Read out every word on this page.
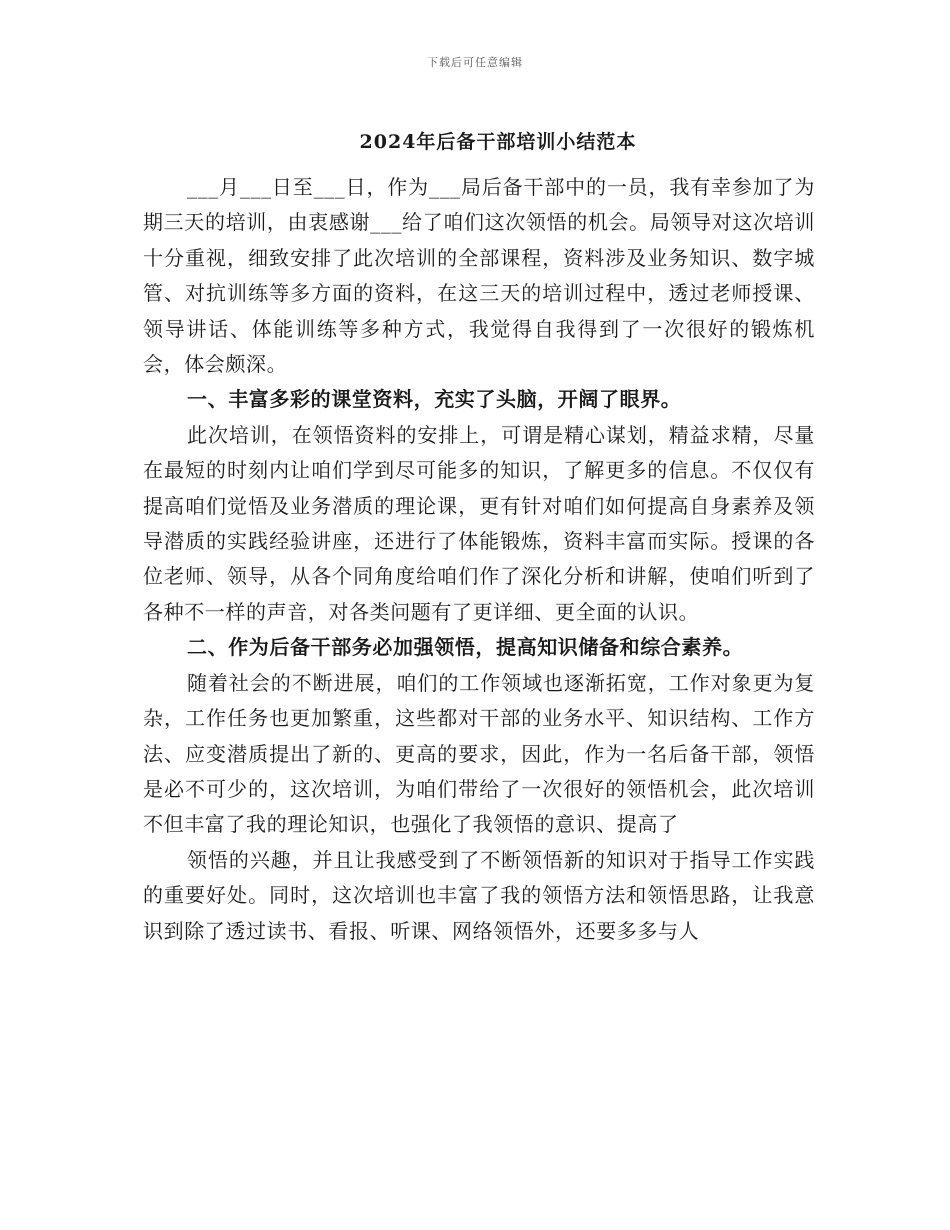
下载后可任意编辑
2024年后备干部培训小结范本

___月___日至___日，作为___局后备干部中的一员，我有幸参加了为期三天的培训，由衷感谢___给了咱们这次领悟的机会。局领导对这次培训十分重视，细致安排了此次培训的全部课程，资料涉及业务知识、数字城管、对抗训练等多方面的资料，在这三天的培训过程中，透过老师授课、领导讲话、体能训练等多种方式，我觉得自我得到了一次很好的锻炼机会，体会颇深。

一、丰富多彩的课堂资料，充实了头脑，开阔了眼界。

此次培训，在领悟资料的安排上，可谓是精心谋划，精益求精，尽量在最短的时刻内让咱们学到尽可能多的知识，了解更多的信息。不仅仅有提高咱们觉悟及业务潜质的理论课，更有针对咱们如何提高自身素养及领导潜质的实践经验讲座，还进行了体能锻炼，资料丰富而实际。授课的各位老师、领导，从各个同角度给咱们作了深化分析和讲解，使咱们听到了各种不一样的声音，对各类问题有了更详细、更全面的认识。

二、作为后备干部务必加强领悟，提高知识储备和综合素养。

随着社会的不断进展，咱们的工作领域也逐渐拓宽，工作对象更为复杂，工作任务也更加繁重，这些都对干部的业务水平、知识结构、工作方法、应变潜质提出了新的、更高的要求，因此，作为一名后备干部，领悟是必不可少的，这次培训，为咱们带给了一次很好的领悟机会，此次培训不但丰富了我的理论知识，也强化了我领悟的意识、提高了

领悟的兴趣，并且让我感受到了不断领悟新的知识对于指导工作实践的重要好处。同时，这次培训也丰富了我的领悟方法和领悟思路，让我意识到除了透过读书、看报、听课、网络领悟外，还要多多与人
